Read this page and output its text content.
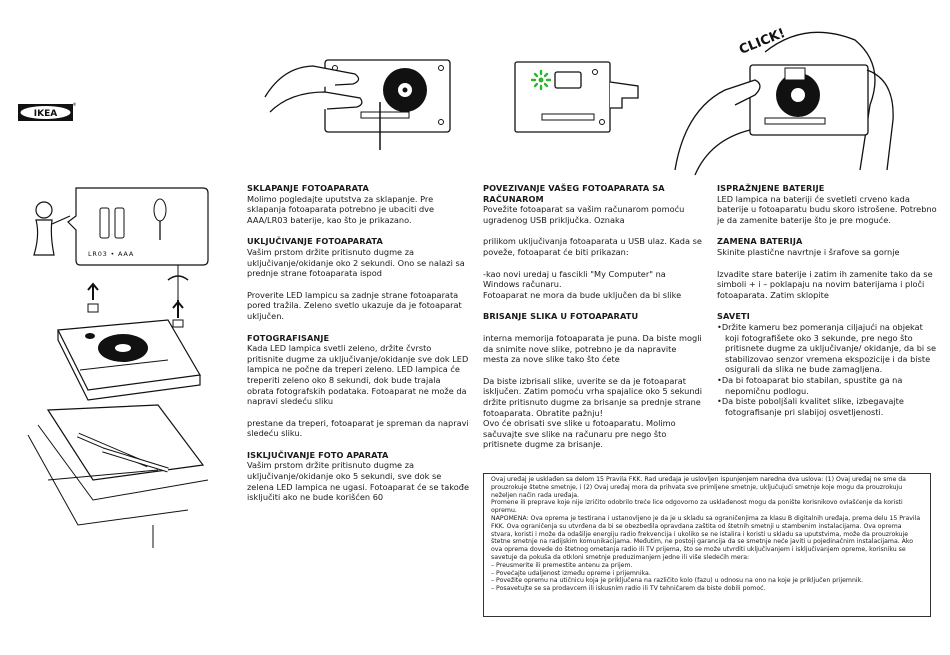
IKEA
®
CLICK!
LR03 • AAA
SKLAPANJE FOTOAPARATA

Molimo pogledajte uputstva za sklapanje. Pre sklapanja fotoaparata potrebno je ubaciti dve AAA/LR03 baterije, kao što je prikazano.

UKLJUČIVANJE FOTOAPARATA

Vašim prstom držite pritisnuto dugme za uključivanje/okidanje oko 2 sekundi. Ono se nalazi sa prednje strane fotoaparata ispod

Proverite LED lampicu sa zadnje strane fotoaparata pored tražila. Zeleno svetlo ukazuje da je fotoaparat uključen.

FOTOGRAFISANJE

Kada LED lampica svetli zeleno, držite čvrsto pritisnite dugme za uključivanje/okidanje sve dok LED lampica ne počne da treperi zeleno. LED lampica će treperiti zeleno oko 8 sekundi, dok bude trajala obrata fotografskih podataka. Fotoaparat ne može da napravi sledeću sliku

prestane da treperi, fotoaparat je spreman da napravi sledeću sliku.

ISKLJUČIVANJE FOTO APARATA

Vašim prstom držite pritisnuto dugme za uključivanje/okidanje oko 5 sekundi, sve dok se zelena LED lampica ne ugasi. Fotoaparat će se takođe isključiti ako ne bude korišćen 60

POVEZIVANJE VAŠEG FOTOAPARATA SA RAČUNAROM

Povežite fotoaparat sa vašim računarom pomoću ugradenog USB priključka. Oznaka

prilikom uključivanja fotoaparata u USB ulaz. Kada se poveže, fotoaparat će biti prikazan:

-kao novi uredaj u fascikli "My Computer" na Windows računaru.
Fotoaparat ne mora da bude uključen da bi slike

BRISANJE SLIKA U FOTOAPARATU

interna memorija fotoaparata je puna. Da biste mogli da snimite nove slike, potrebno je da napravite mesta za nove slike tako što ćete

Da biste izbrisali slike, uverite se da je fotoaparat isključen. Zatim pomoću vrha spajalice oko 5 sekundi držite pritisnuto dugme za brisanje sa prednje strane fotoaparata. Obratite pažnju!
Ovo će obrisati sve slike u fotoaparatu. Molimo sačuvajte sve slike na računaru pre nego što pritisnete dugme za brisanje.

ISPRAŽNJENE BATERIJE

LED lampica na bateriji će svetleti crveno kada baterije u fotoaparatu budu skoro istrošene. Potrebno je da zamenite baterije što je pre moguće.

ZAMENA BATERIJA

Skinite plastične navrtnje i šrafove sa gornje

Izvadite stare baterije i zatim ih zamenite tako da se simboli + i – poklapaju na novim baterijama i ploči fotoaparata. Zatim sklopite

SAVETI
• Držite kameru bez pomeranja ciljajući na objekat koji fotografišete oko 3 sekunde, pre nego što pritisnete dugme za uključivanje/ okidanje, da bi se stabilizovao senzor vremena ekspozicije i da biste osigurali da slika ne bude zamagljena.
• Da bi fotoaparat bio stabilan, spustite ga na nepomičnu podlogu.
• Da biste poboljšali kvalitet slike, izbegavajte fotografisanje pri slabijoj osvetljenosti.

Ovaj uređaj je usklađen sa delom 15 Pravila FKK. Rad uređaja je uslovljen ispunjenjem naredna dva uslova: (1) Ovaj uređaj ne sme da prouzrokuje štetne smetnje, i (2) Ovaj uređaj mora da prihvata sve primljene smetnje, uključujući smetnje koje mogu da prouzrokuju neželjen način rada uređaja.

Promene ili preprave koje nije izričito odobrilo treće lice odgovorno za usklađenost mogu da ponište korisnikovo ovlašćenje da koristi opremu.

NAPOMENA: Ova oprema je testirana i ustanovljeno je da je u skladu sa ograničenjima za klasu B digitalnih uređaja, prema delu 15 Pravila FKK. Ova ograničenja su utvrđena da bi se obezbedila opravdana zaštita od štetnih smetnji u stambenim instalacijama. Ova oprema stvara, koristi i može da odašilje energiju radio frekvencija i ukoliko se ne istalira i koristi u skladu sa uputstvima, može da prouzrokuje štetne smetnje na radijskim komunikacijama. Međutim, ne postoji garancija da se smetnje neće javiti u pojedinačnim instalacijama. Ako ova oprema dovede do štetnog ometanja radio ili TV prijema, što se može utvrditi uključivanjem i isključivanjem opreme, korisniku se savetuje da pokuša da otkloni smetnje preduzimanjem jedne ili više sledećih mera:

– Preusmerite ili premestite antenu za prijem.

– Povećajte udaljenost između opreme i prijemnika.

– Povežite opremu na utičnicu koja je priključena na različito kolo (fazu) u odnosu na ono na koje je priključen prijemnik.

– Posavetujte se sa prodavcem ili iskusnim radio ili TV tehničarem da biste dobili pomoć.
